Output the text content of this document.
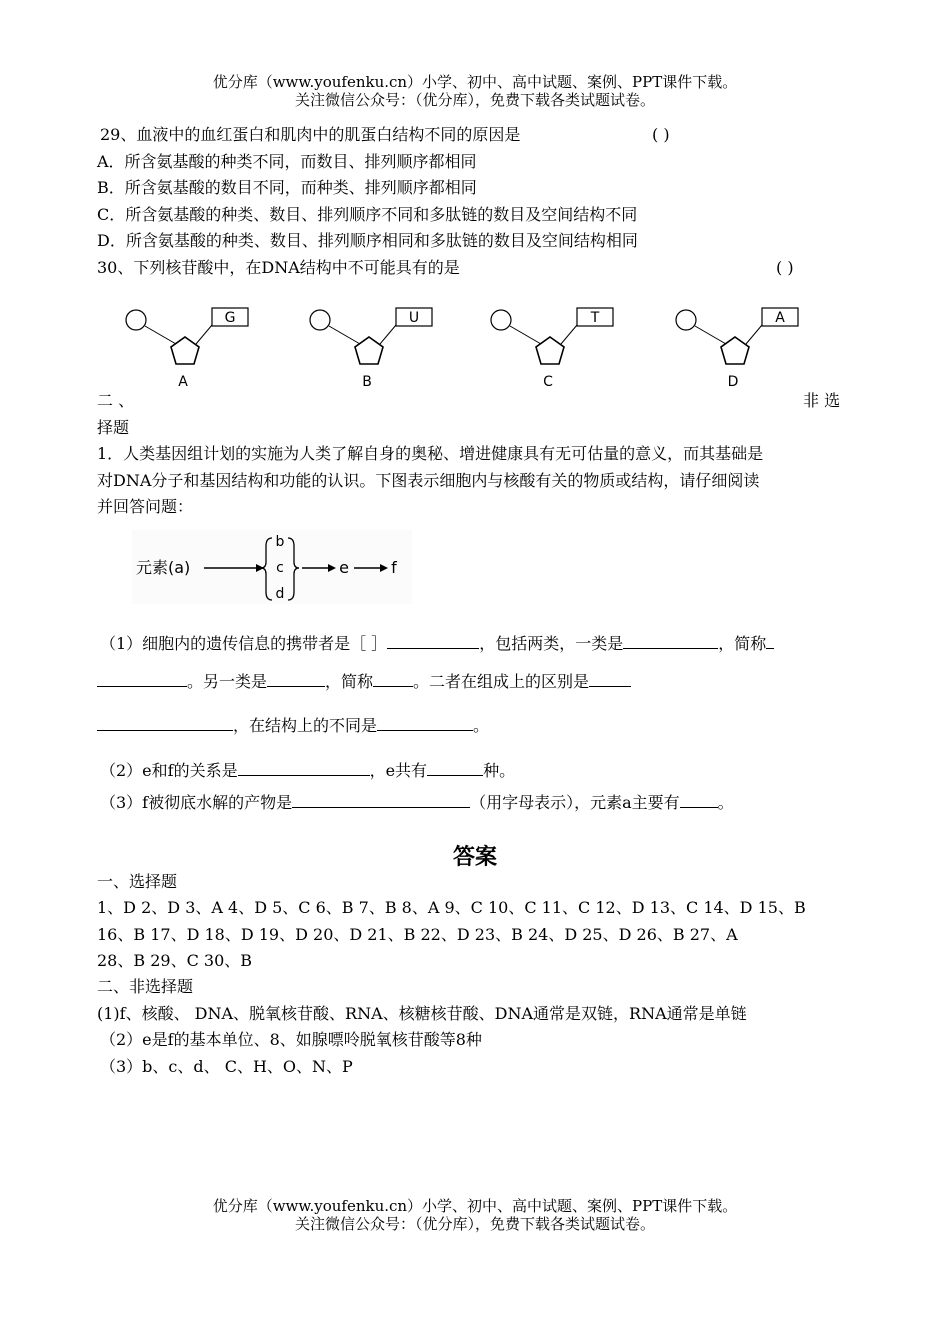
优分库（www.youfenku.cn）小学、初中、高中试题、案例、PPT课件下载。
关注微信公众号：（优分库），免费下载各类试题试卷。
29、血液中的血红蛋白和肌肉中的肌蛋白结构不同的原因是	( )
A．所含氨基酸的种类不同，而数目、排列顺序都相同
B．所含氨基酸的数目不同，而种类、排列顺序都相同
C．所含氨基酸的种类、数目、排列顺序不同和多肽链的数目及空间结构不同
D．所含氨基酸的种类、数目、排列顺序相同和多肽链的数目及空间结构相同
30、下列核苷酸中，在DNA结构中不可能具有的是	( )
G
A
U
B
T
C
A
D
二 、	非 选
择题
1．人类基因组计划的实施为人类了解自身的奥秘、增进健康具有无可估量的意义，而其基础是
对DNA分子和基因结构和功能的认识。下图表示细胞内与核酸有关的物质或结构，请仔细阅读
并回答问题：
元素(a)
b
c
d
e	f
（1）细胞内的遗传信息的携带者是［ ］	，包括两类，一类是	，简称
。另一类是	，简称	。二者在组成上的区别是
，在结构上的不同是	。
（2）e和f的关系是	，e共有	种。
（3）f被彻底水解的产物是	（用字母表示），元素a主要有 。
答案
一、选择题
1、D 2、D 3、A 4、D 5、C 6、B 7、B 8、A 9、C 10、C 11、C 12、D 13、C 14、D 15、B
16、B 17、D 18、D 19、D 20、D 21、B 22、D 23、B 24、D 25、D 26、B 27、A
28、B 29、C 30、B
二、非选择题
(1)f、核酸、 DNA、脱氧核苷酸、RNA、核糖核苷酸、DNA通常是双链，RNA通常是单链
（2）e是f的基本单位、8、如腺嘌呤脱氧核苷酸等8种
（3）b、c、d、 C、H、O、N、P
优分库（www.youfenku.cn）小学、初中、高中试题、案例、PPT课件下载。
关注微信公众号：（优分库），免费下载各类试题试卷。
